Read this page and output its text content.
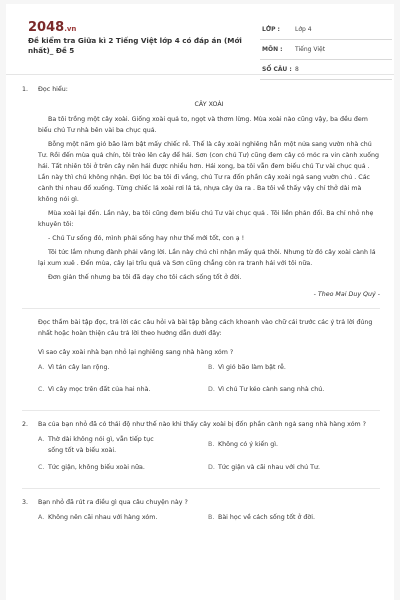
2048.vn
Đề kiểm tra Giữa kì 2 Tiếng Việt lớp 4 có đáp án (Mới nhất)_ Đề 5
LỚP :	Lớp 4
MÔN : Tiếng Việt
SỐ CÂU : 8
1. Đọc hiểu:
CÂY XOÀI

Ba tôi trồng một cây xoài. Giống xoài quả to, ngọt và thơm lừng. Mùa xoài nào cũng vậy, ba đều đem biếu chú Tư nhà bên vài ba chục quả.

Bỗng một năm gió bão làm bật mấy chiếc rễ. Thế là cây xoài nghiêng hẳn một nửa sang vườn nhà chú Tư. Rồi đến mùa quả chín, tôi trèo lên cây để hái. Sơn (con chú Tư) cũng đem cây có móc ra vin cành xuống hái. Tất nhiên tôi ở trên cây nên hái được nhiều hơn. Hái xong, ba tôi vẫn đem biếu chú Tư vài chục quả . Lần này thì chú không nhận. Đợi lúc ba tôi đi vắng, chú Tư ra đốn phần cây xoài ngả sang vườn chú . Các cành thi nhau đổ xuống. Từng chiếc lá xoài rơi lả tả, nhựa cây ứa ra . Ba tôi về thấy vậy chỉ thở dài mà không nói gì.

Mùa xoài lại đến. Lần này, ba tôi cũng đem biếu chú Tư vài chục quả . Tôi liền phản đối. Ba chỉ nhỏ nhẹ khuyên tôi:

- Chú Tư sống đó, mình phải sống hay như thế mới tốt, con ạ !

Tôi tức lắm nhưng đành phải vâng lời. Lần này chú chỉ nhận mấy quả thôi. Nhưng từ đó cây xoài cành lá lại xum xuê . Đến mùa, cây lại trĩu quả và Sơn cũng chẳng còn ra tranh hái với tôi nữa.

Đơn giản thế nhưng ba tôi đã dạy cho tôi cách sống tốt ở đời.

- Theo Mai Duy Quý -
Đọc thầm bài tập đọc, trả lời các câu hỏi và bài tập bằng cách khoanh vào chữ cái trước các ý trả lời đúng nhất hoặc hoàn thiện câu trả lời theo hướng dẫn dưới đây:
Vì sao cây xoài nhà bạn nhỏ lại nghiêng sang nhà hàng xóm ?
A. Vì tán cây lan rộng.	B. Vì gió bão làm bật rễ.
C. Vì cây mọc trên đất của hai nhà.	D. Vì chú Tư kéo cành sang nhà chú.
2. Ba của bạn nhỏ đã có thái độ như thế nào khi thấy cây xoài bị đốn phần cành ngả sang nhà hàng xóm ?
A. Thờ dài không nói gì, vẫn tiếp tục sống tốt và biếu xoài.
B. Không có ý kiến gì.
C. Tức giận, không biếu xoài nữa.	D. Tức giận và cãi nhau với chú Tư.
3. Bạn nhỏ đã rút ra điều gì qua câu chuyện này ?
A. Không nên cãi nhau với hàng xóm.	B. Bài học về cách sống tốt ở đời.
